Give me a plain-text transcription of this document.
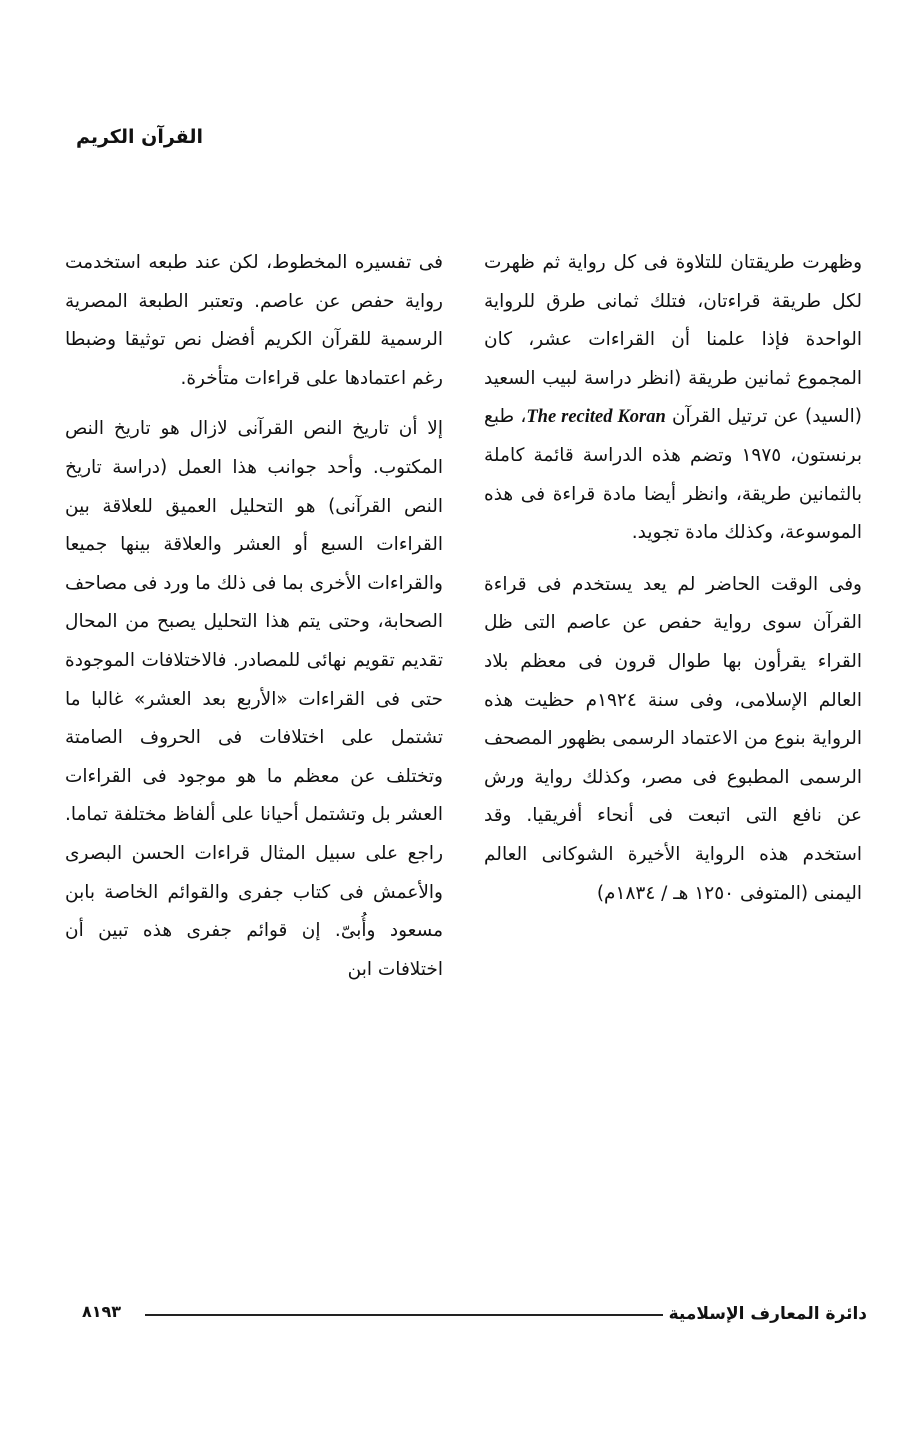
القرآن الكريم

وظهرت طريقتان للتلاوة فى كل رواية ثم ظهرت لكل طريقة قراءتان، فتلك ثمانى طرق للرواية الواحدة فإذا علمنا أن القراءات عشر، كان المجموع ثمانين طريقة (انظر دراسة لبيب السعيد (السيد) عن ترتيل القرآن The recited Koran، طبع برنستون، ١٩٧٥ وتضم هذه الدراسة قائمة كاملة بالثمانين طريقة، وانظر أيضا مادة قراءة فى هذه الموسوعة، وكذلك مادة تجويد.

وفى الوقت الحاضر لم يعد يستخدم فى قراءة القرآن سوى رواية حفص عن عاصم التى ظل القراء يقرأون بها طوال قرون فى معظم بلاد العالم الإسلامى، وفى سنة ١٩٢٤م حظيت هذه الرواية بنوع من الاعتماد الرسمى بظهور المصحف الرسمى المطبوع فى مصر، وكذلك رواية ورش عن نافع التى اتبعت فى أنحاء أفريقيا. وقد استخدم هذه الرواية الأخيرة الشوكانى العالم اليمنى (المتوفى ١٢٥٠ هـ / ١٨٣٤م)

فى تفسيره المخطوط، لكن عند طبعه استخدمت رواية حفص عن عاصم. وتعتبر الطبعة المصرية الرسمية للقرآن الكريم أفضل نص توثيقا وضبطا رغم اعتمادها على قراءات متأخرة.

إلا أن تاريخ النص القرآنى لازال هو تاريخ النص المكتوب. وأحد جوانب هذا العمل (دراسة تاريخ النص القرآنى) هو التحليل العميق للعلاقة بين القراءات السبع أو العشر والعلاقة بينها جميعا والقراءات الأخرى بما فى ذلك ما ورد فى مصاحف الصحابة، وحتى يتم هذا التحليل يصبح من المحال تقديم تقويم نهائى للمصادر. فالاختلافات الموجودة حتى فى القراءات «الأربع بعد العشر» غالبا ما تشتمل على اختلافات فى الحروف الصامتة وتختلف عن معظم ما هو موجود فى القراءات العشر بل وتشتمل أحيانا على ألفاظ مختلفة تماما. راجع على سبيل المثال قراءات الحسن البصرى والأعمش فى كتاب جفرى والقوائم الخاصة بابن مسعود وأُبىّ. إن قوائم جفرى هذه تبين أن اختلافات ابن

دائرة المعارف الإسلامية
٨١٩٣
